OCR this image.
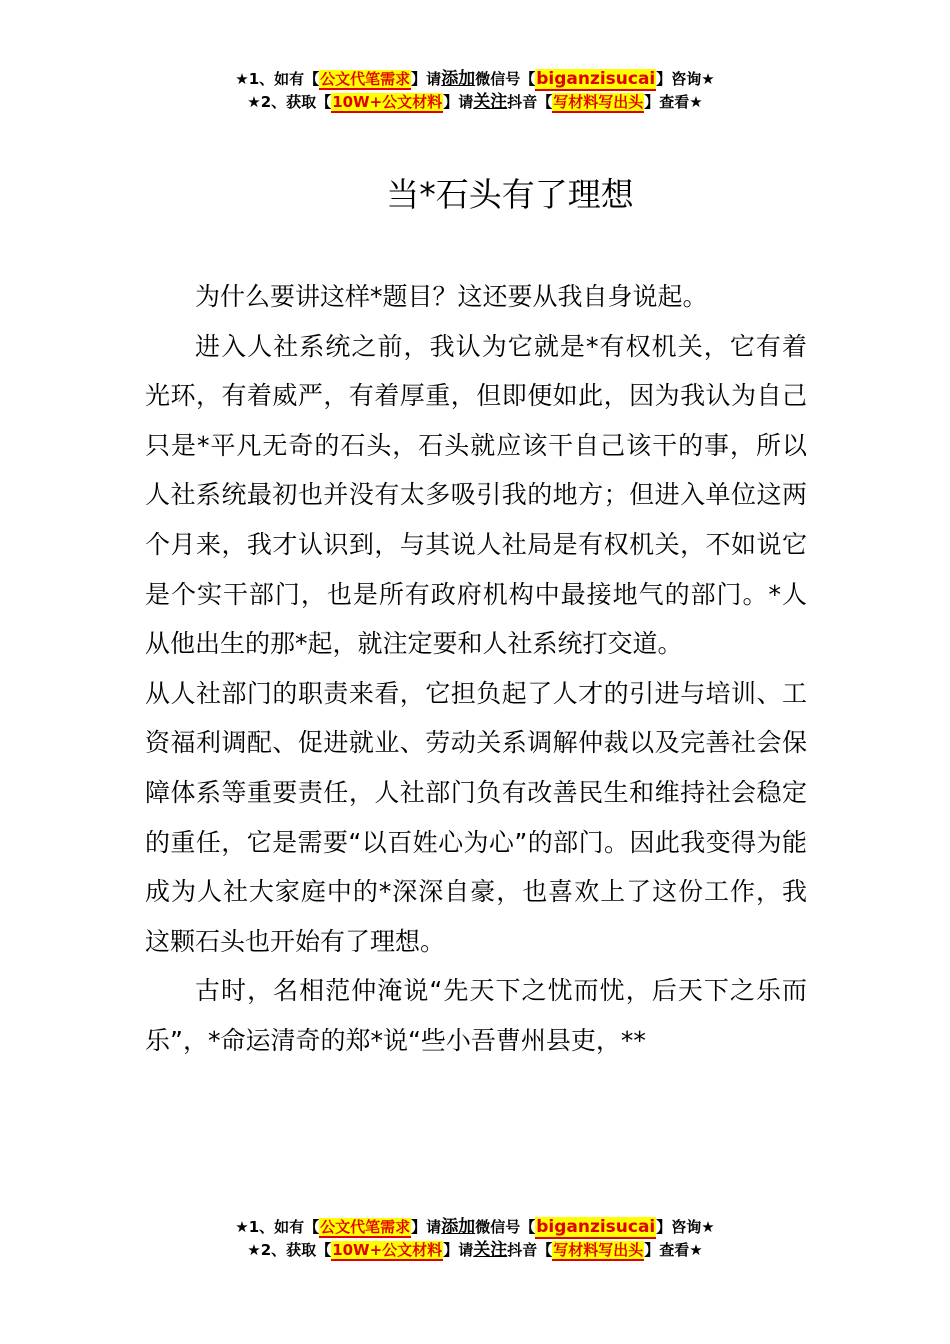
★1、如有【公文代笔需求】请添加微信号【biganzisucai】咨询★
★2、获取【10W+公文材料】请关注抖音【写材料写出头】查看★
当*石头有了理想

为什么要讲这样*题目？这还要从我自身说起。

进入人社系统之前，我认为它就是*有权机关，它有着光环，有着威严，有着厚重，但即便如此，因为我认为自己只是*平凡无奇的石头，石头就应该干自己该干的事，所以人社系统最初也并没有太多吸引我的地方；但进入单位这两个月来，我才认识到，与其说人社局是有权机关，不如说它是个实干部门，也是所有政府机构中最接地气的部门。*人从他出生的那*起，就注定要和人社系统打交道。

从人社部门的职责来看，它担负起了人才的引进与培训、工资福利调配、促进就业、劳动关系调解仲裁以及完善社会保障体系等重要责任，人社部门负有改善民生和维持社会稳定的重任，它是需要“以百姓心为心”的部门。因此我变得为能成为人社大家庭中的*深深自豪，也喜欢上了这份工作，我这颗石头也开始有了理想。

古时，名相范仲淹说“先天下之忧而忧，后天下之乐而乐”，*命运清奇的郑*说“些小吾曹州县吏，**

★1、如有【公文代笔需求】请添加微信号【biganzisucai】咨询★
★2、获取【10W+公文材料】请关注抖音【写材料写出头】查看★
